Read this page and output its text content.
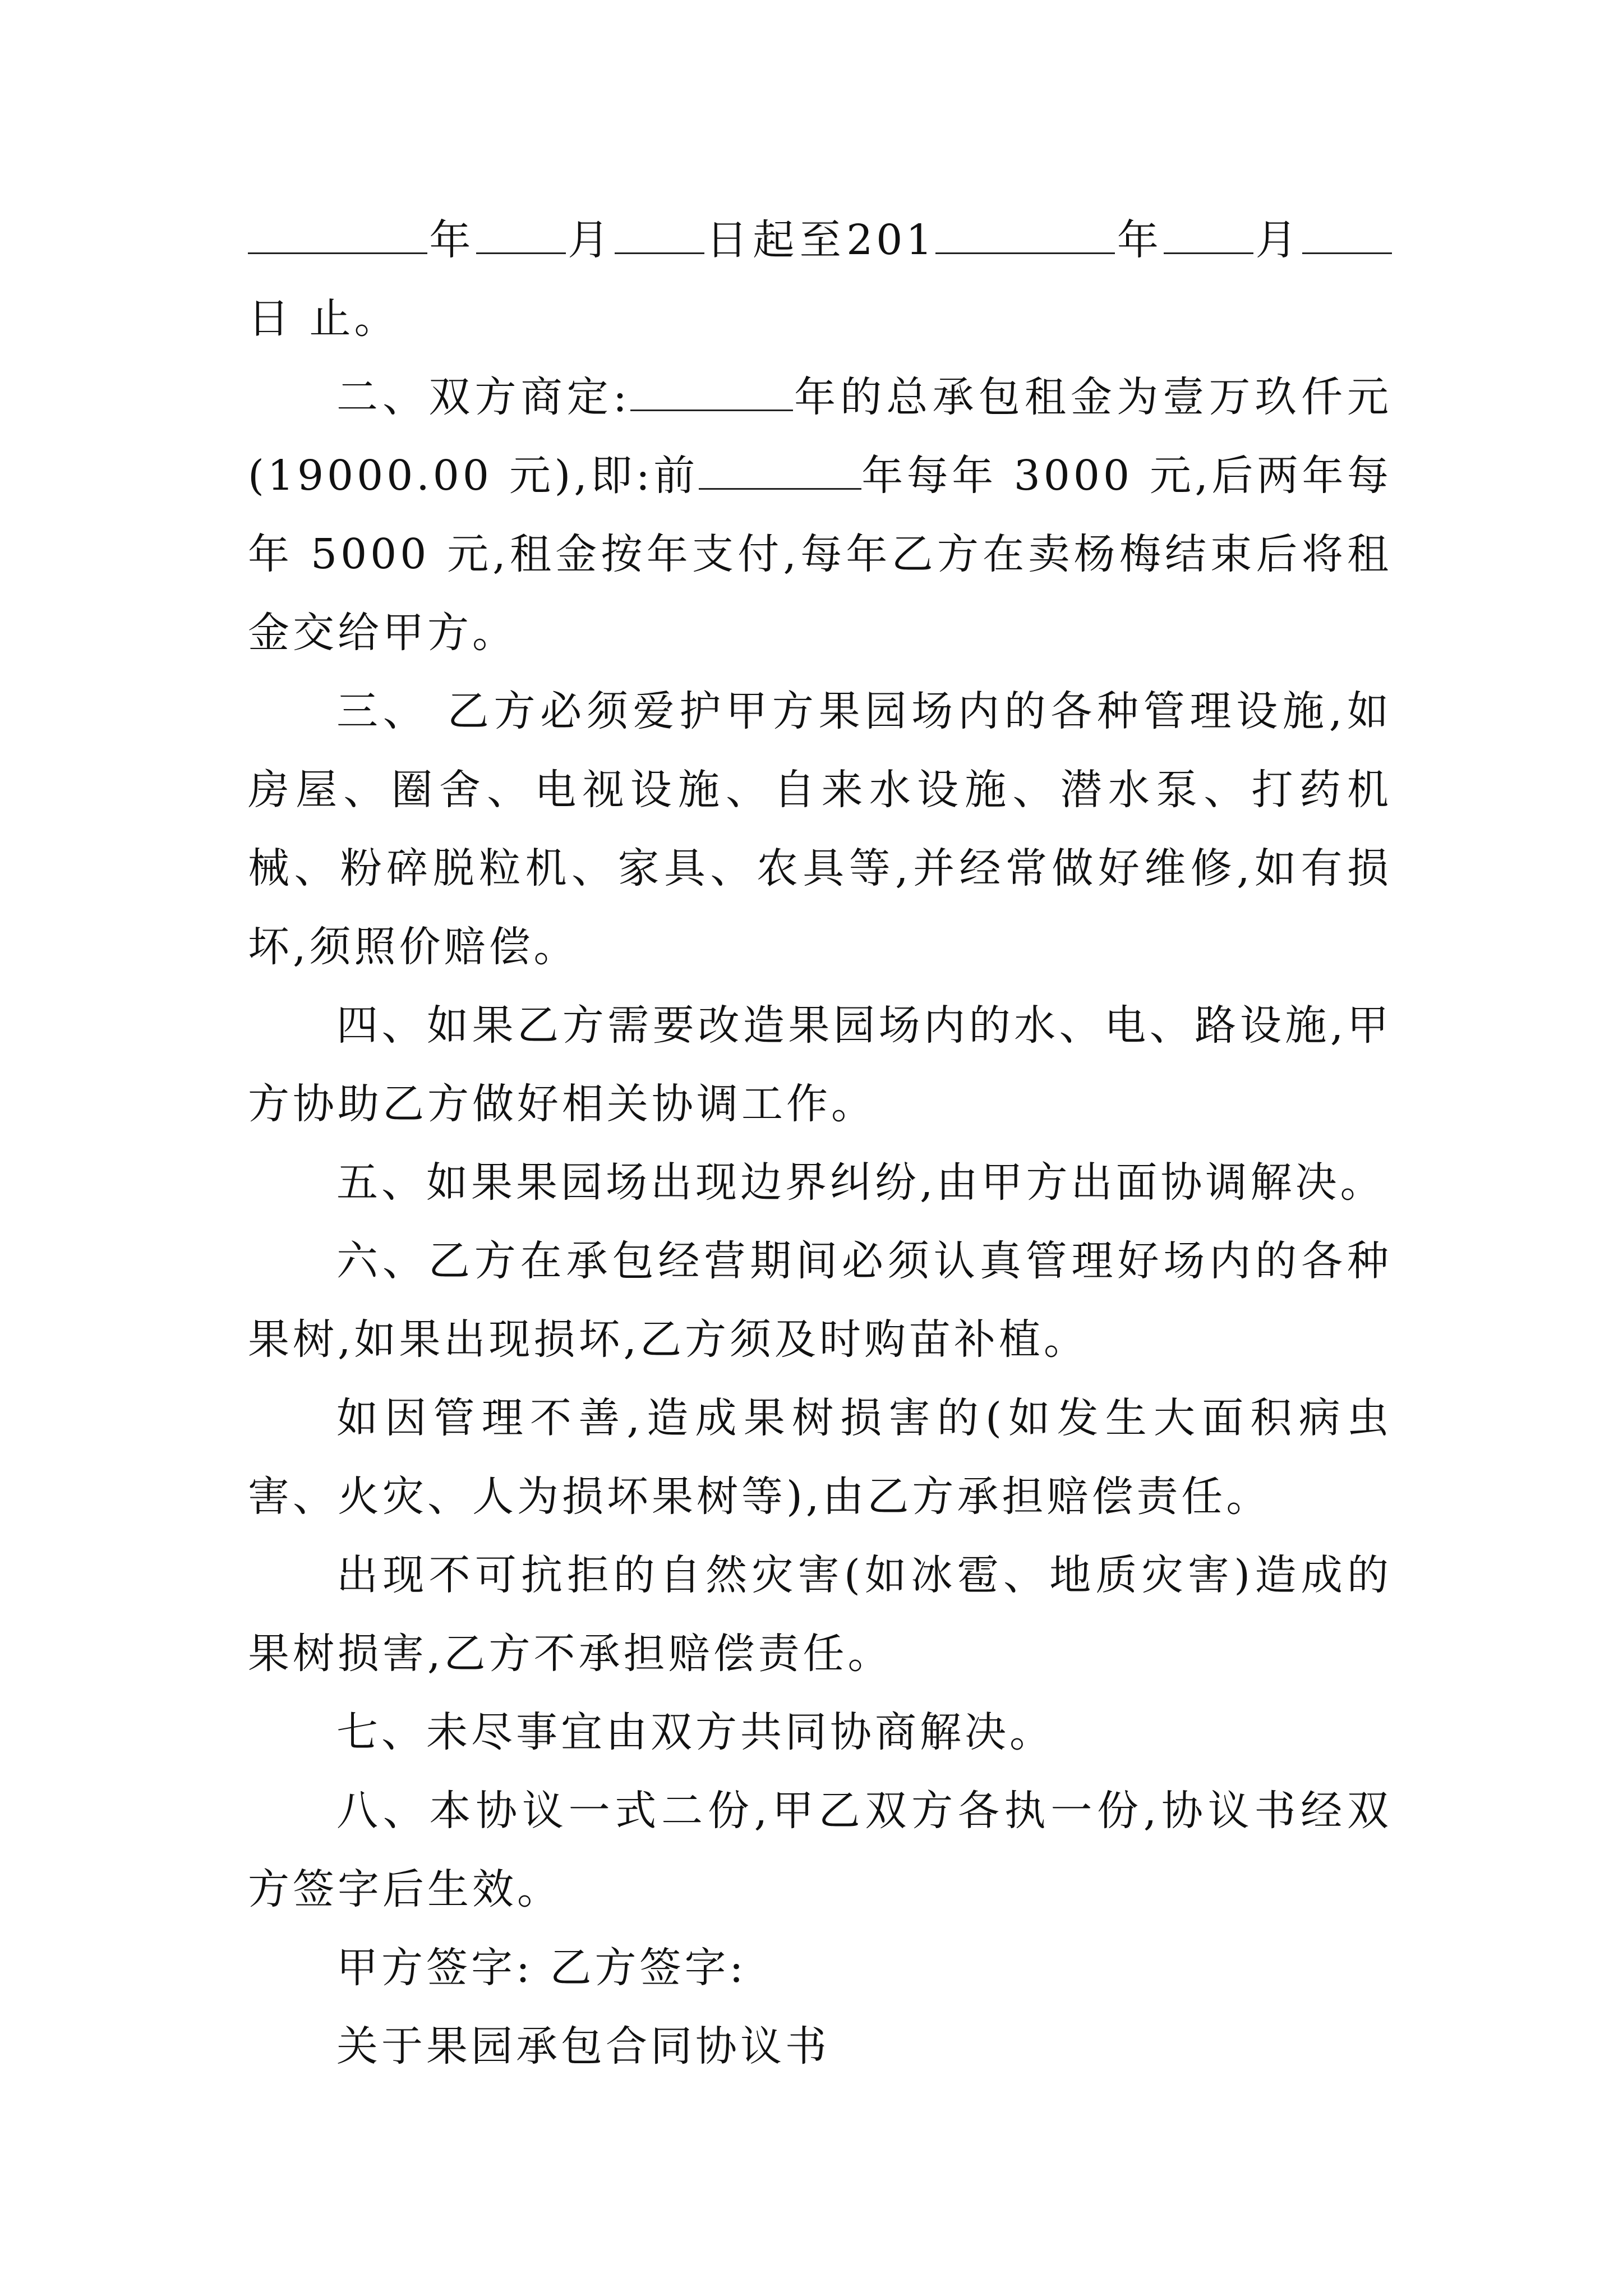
年 月 日起至201	年 月日 止。

二、双方商定:	年的总承包租金为壹万玖仟元(19000.00 元),即:前	年每年 3000 元,后两年每年 5000 元,租金按年支付,每年乙方在卖杨梅结束后将租金交给甲方。

三、 乙方必须爱护甲方果园场内的各种管理设施,如房屋、圈舍、电视设施、自来水设施、潜水泵、打药机械、粉碎脱粒机、家具、农具等,并经常做好维修,如有损坏,须照价赔偿。

四、如果乙方需要改造果园场内的水、电、路设施,甲方协助乙方做好相关协调工作。

五、如果果园场出现边界纠纷,由甲方出面协调解决。

六、乙方在承包经营期间必须认真管理好场内的各种果树,如果出现损坏,乙方须及时购苗补植。

如因管理不善,造成果树损害的(如发生大面积病虫害、火灾、人为损坏果树等),由乙方承担赔偿责任。

出现不可抗拒的自然灾害(如冰雹、地质灾害)造成的果树损害,乙方不承担赔偿责任。

七、未尽事宜由双方共同协商解决。

八、本协议一式二份,甲乙双方各执一份,协议书经双方签字后生效。

甲方签字: 乙方签字:

关于果园承包合同协议书
